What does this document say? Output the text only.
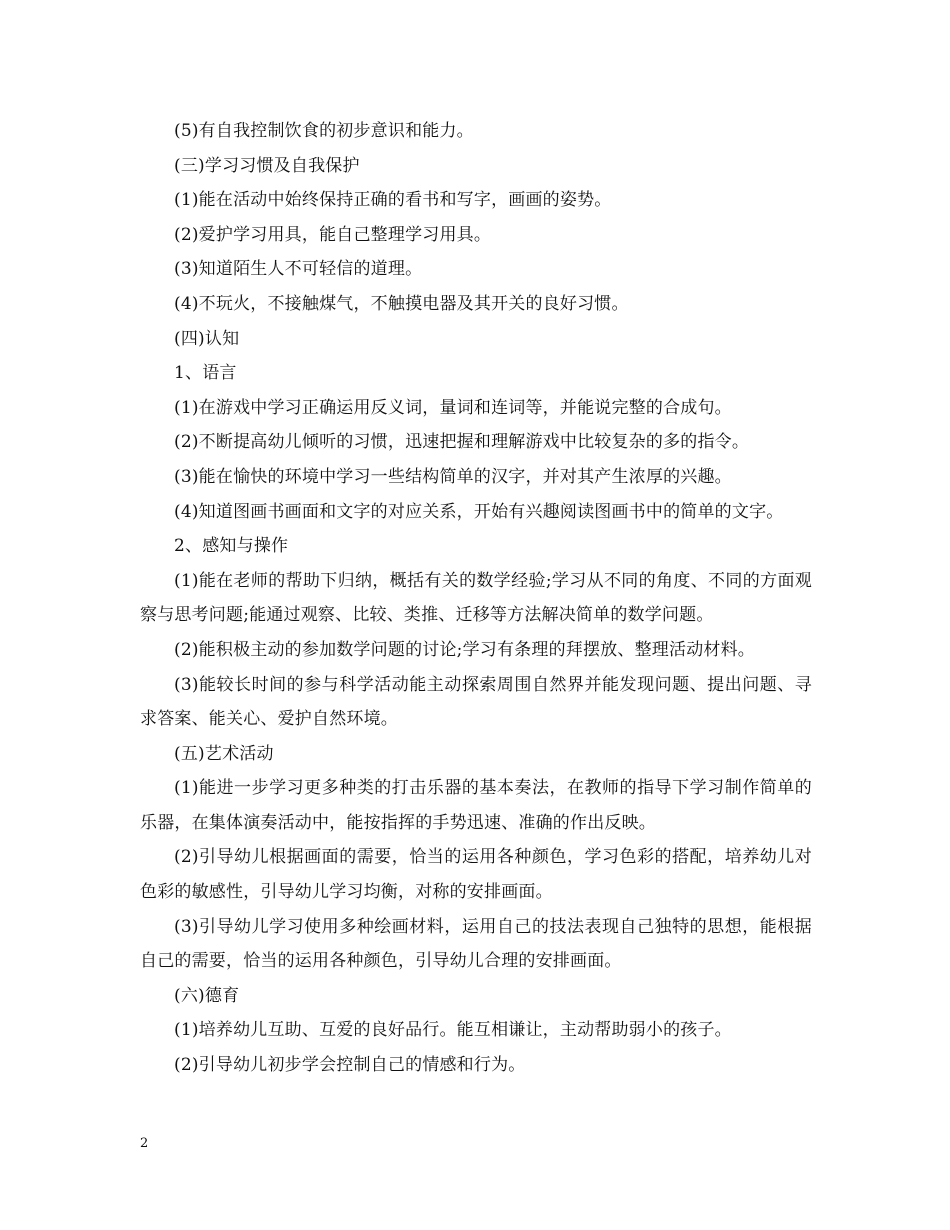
(5)有自我控制饮食的初步意识和能力。

(三)学习习惯及自我保护

(1)能在活动中始终保持正确的看书和写字，画画的姿势。

(2)爱护学习用具，能自己整理学习用具。

(3)知道陌生人不可轻信的道理。

(4)不玩火，不接触煤气，不触摸电器及其开关的良好习惯。

(四)认知

1、语言

(1)在游戏中学习正确运用反义词，量词和连词等，并能说完整的合成句。

(2)不断提高幼儿倾听的习惯，迅速把握和理解游戏中比较复杂的多的指令。

(3)能在愉快的环境中学习一些结构简单的汉字，并对其产生浓厚的兴趣。

(4)知道图画书画面和文字的对应关系，开始有兴趣阅读图画书中的简单的文字。

2、感知与操作

(1)能在老师的帮助下归纳，概括有关的数学经验;学习从不同的角度、不同的方面观察与思考问题;能通过观察、比较、类推、迁移等方法解决简单的数学问题。

(2)能积极主动的参加数学问题的讨论;学习有条理的拜摆放、整理活动材料。

(3)能较长时间的参与科学活动能主动探索周围自然界并能发现问题、提出问题、寻求答案、能关心、爱护自然环境。

(五)艺术活动

(1)能进一步学习更多种类的打击乐器的基本奏法，在教师的指导下学习制作简单的乐器，在集体演奏活动中，能按指挥的手势迅速、准确的作出反映。

(2)引导幼儿根据画面的需要，恰当的运用各种颜色，学习色彩的搭配，培养幼儿对色彩的敏感性，引导幼儿学习均衡，对称的安排画面。

(3)引导幼儿学习使用多种绘画材料，运用自己的技法表现自己独特的思想，能根据自己的需要，恰当的运用各种颜色，引导幼儿合理的安排画面。

(六)德育

(1)培养幼儿互助、互爱的良好品行。能互相谦让，主动帮助弱小的孩子。

(2)引导幼儿初步学会控制自己的情感和行为。

2
